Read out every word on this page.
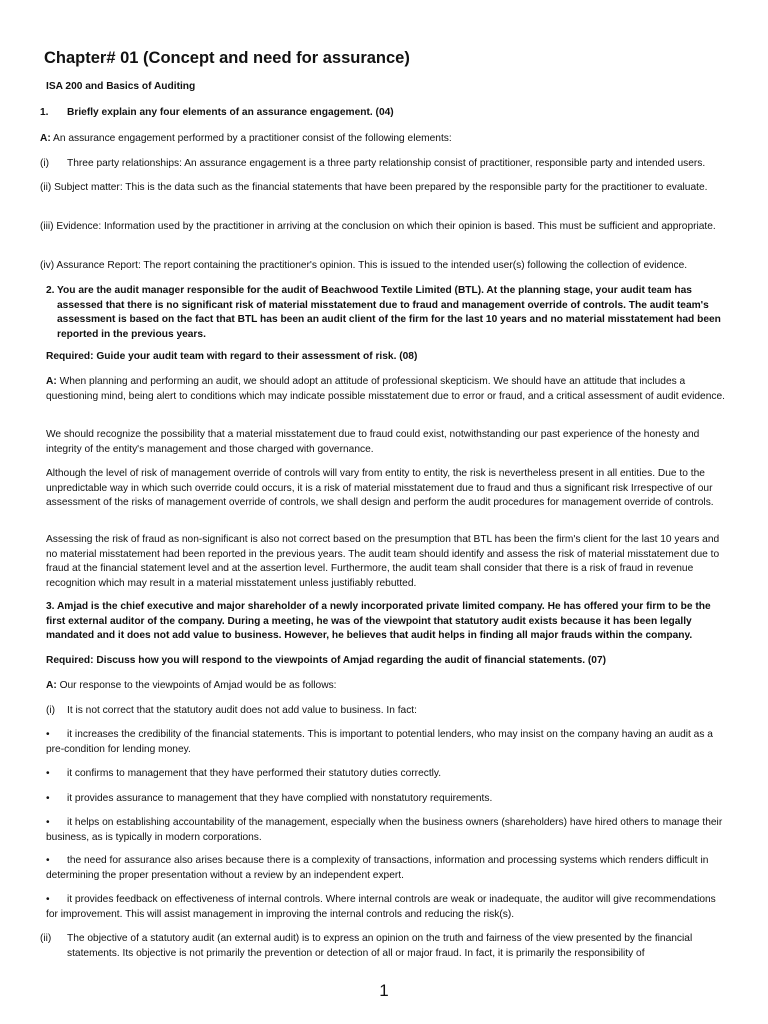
Chapter# 01 (Concept and need for assurance)
ISA 200 and Basics of Auditing
1. Briefly explain any four elements of an assurance engagement. (04)
A: An assurance engagement performed by a practitioner consist of the following elements:
(i) Three party relationships: An assurance engagement is a three party relationship consist of practitioner, responsible party and intended users.
(ii) Subject matter: This is the data such as the financial statements that have been prepared by the responsible party for the practitioner to evaluate.
(iii) Evidence: Information used by the practitioner in arriving at the conclusion on which their opinion is based. This must be sufficient and appropriate.
(iv) Assurance Report: The report containing the practitioner's opinion. This is issued to the intended user(s) following the collection of evidence.
2. You are the audit manager responsible for the audit of Beachwood Textile Limited (BTL). At the planning stage, your audit team has assessed that there is no significant risk of material misstatement due to fraud and management override of controls. The audit team's assessment is based on the fact that BTL has been an audit client of the firm for the last 10 years and no material misstatement had been reported in the previous years.
Required: Guide your audit team with regard to their assessment of risk. (08)
A: When planning and performing an audit, we should adopt an attitude of professional skepticism. We should have an attitude that includes a questioning mind, being alert to conditions which may indicate possible misstatement due to error or fraud, and a critical assessment of audit evidence.
We should recognize the possibility that a material misstatement due to fraud could exist, notwithstanding our past experience of the honesty and integrity of the entity's management and those charged with governance.
Although the level of risk of management override of controls will vary from entity to entity, the risk is nevertheless present in all entities. Due to the unpredictable way in which such override could occurs, it is a risk of material misstatement due to fraud and thus a significant risk Irrespective of our assessment of the risks of management override of controls, we shall design and perform the audit procedures for management override of controls.
Assessing the risk of fraud as non-significant is also not correct based on the presumption that BTL has been the firm's client for the last 10 years and no material misstatement had been reported in the previous years. The audit team should identify and assess the risk of material misstatement due to fraud at the financial statement level and at the assertion level. Furthermore, the audit team shall consider that there is a risk of fraud in revenue recognition which may result in a material misstatement unless justifiably rebutted.
3. Amjad is the chief executive and major shareholder of a newly incorporated private limited company. He has offered your firm to be the first external auditor of the company. During a meeting, he was of the viewpoint that statutory audit exists because it has been legally mandated and it does not add value to business. However, he believes that audit helps in finding all major frauds within the company.
Required: Discuss how you will respond to the viewpoints of Amjad regarding the audit of financial statements. (07)
A: Our response to the viewpoints of Amjad would be as follows:
(i) It is not correct that the statutory audit does not add value to business. In fact:
• it increases the credibility of the financial statements. This is important to potential lenders, who may insist on the company having an audit as a pre-condition for lending money.
• it confirms to management that they have performed their statutory duties correctly.
• it provides assurance to management that they have complied with nonstatutory requirements.
• it helps on establishing accountability of the management, especially when the business owners (shareholders) have hired others to manage their business, as is typically in modern corporations.
• the need for assurance also arises because there is a complexity of transactions, information and processing systems which renders difficult in determining the proper presentation without a review by an independent expert.
• it provides feedback on effectiveness of internal controls. Where internal controls are weak or inadequate, the auditor will give recommendations for improvement. This will assist management in improving the internal controls and reducing the risk(s).
(ii)	The objective of a statutory audit (an external audit) is to express an opinion on the truth and fairness of the view presented by the financial statements. Its objective is not primarily the prevention or detection of all or major fraud. In fact, it is primarily the responsibility of
1
